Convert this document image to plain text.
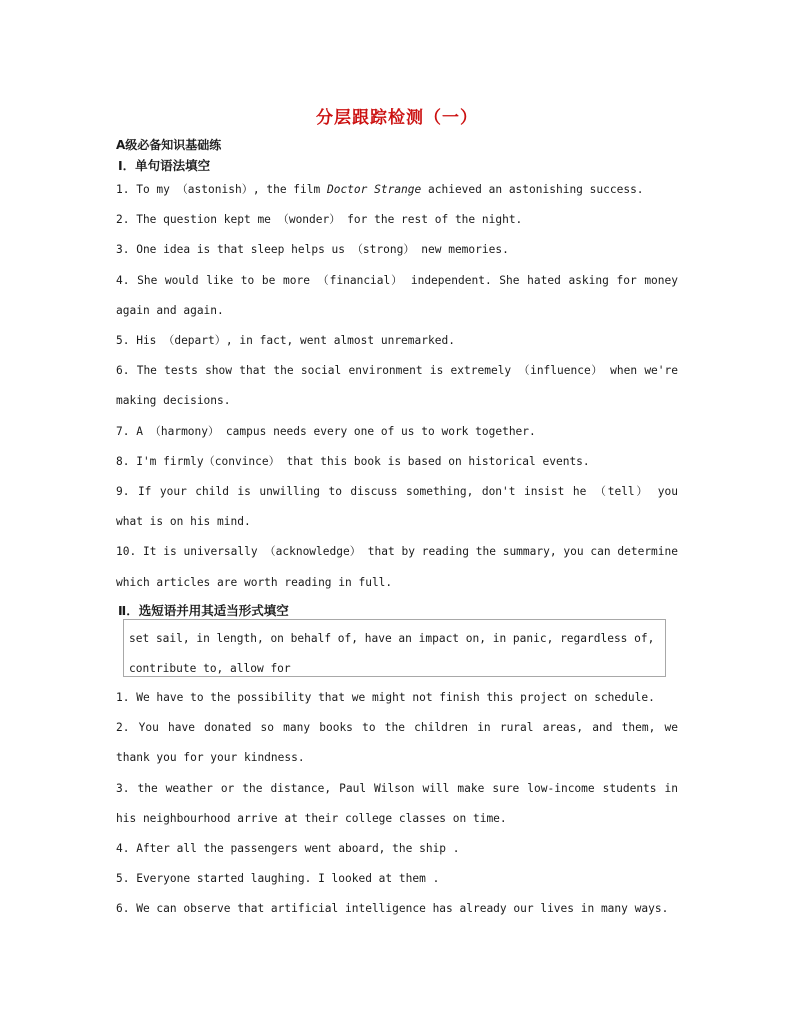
分层跟踪检测（一）
A级必备知识基础练
Ⅰ．单句语法填空
1. To my （astonish）, the film Doctor Strange achieved an astonishing success.
2. The question kept me （wonder） for the rest of the night.
3. One idea is that sleep helps us （strong） new memories.
4. She would like to be more （financial） independent. She hated asking for money again and again.
5. His （depart）, in fact, went almost unremarked.
6. The tests show that the social environment is extremely （influence） when we're making decisions.
7. A （harmony） campus needs every one of us to work together.
8. I'm firmly（convince） that this book is based on historical events.
9. If your child is unwilling to discuss something, don't insist he （tell） you what is on his mind.
10. It is universally （acknowledge） that by reading the summary, you can determine which articles are worth reading in full.
Ⅱ．选短语并用其适当形式填空
set sail, in length, on behalf of, have an impact on, in panic, regardless of, contribute to, allow for
1. We have to the possibility that we might not finish this project on schedule.
2. You have donated so many books to the children in rural areas, and them, we thank you for your kindness.
3. the weather or the distance, Paul Wilson will make sure low-income students in his neighbourhood arrive at their college classes on time.
4. After all the passengers went aboard, the ship .
5. Everyone started laughing. I looked at them .
6. We can observe that artificial intelligence has already our lives in many ways.
